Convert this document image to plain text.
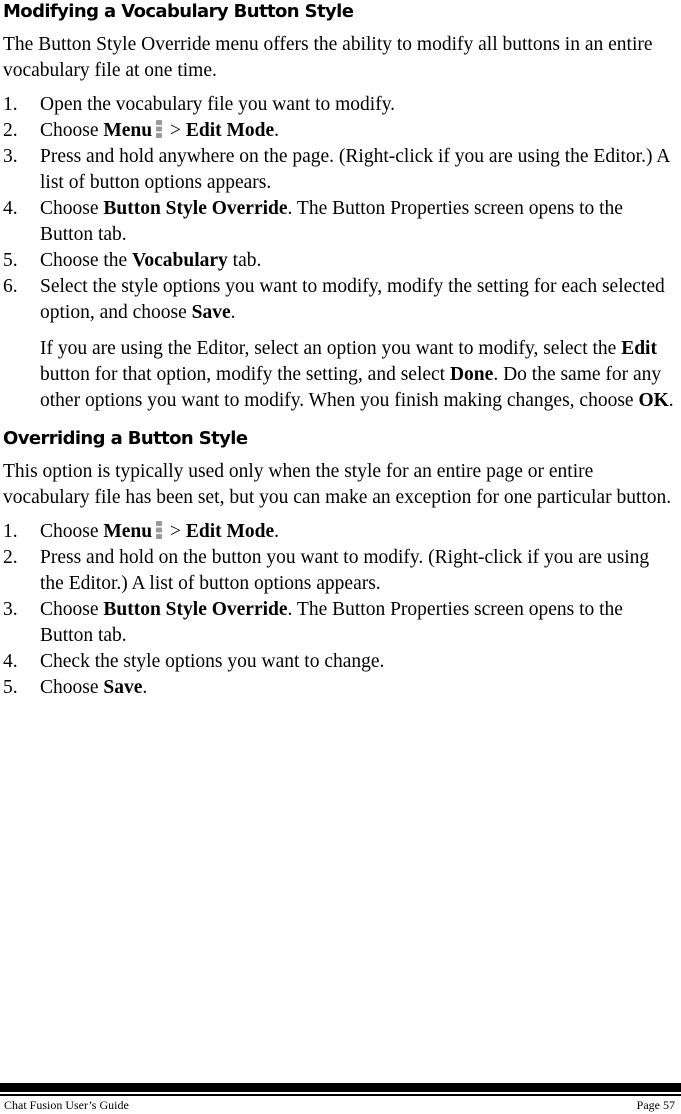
Modifying a Vocabulary Button Style

The Button Style Override menu offers the ability to modify all buttons in an entire vocabulary file at one time.

1.	Open the vocabulary file you want to modify.
2.	Choose Menu > Edit Mode.
3.	Press and hold anywhere on the page. (Right-click if you are using the Editor.) A list of button options appears.
4.	Choose Button Style Override. The Button Properties screen opens to the Button tab.
5.	Choose the Vocabulary tab.
6.	Select the style options you want to modify, modify the setting for each selected option, and choose Save.

If you are using the Editor, select an option you want to modify, select the Edit button for that option, modify the setting, and select Done. Do the same for any other options you want to modify. When you finish making changes, choose OK.

Overriding a Button Style

This option is typically used only when the style for an entire page or entire vocabulary file has been set, but you can make an exception for one particular button.

1.	Choose Menu > Edit Mode.
2.	Press and hold on the button you want to modify. (Right-click if you are using the Editor.) A list of button options appears.
3.	Choose Button Style Override. The Button Properties screen opens to the Button tab.
4.	Check the style options you want to change.
5.	Choose Save.
Chat Fusion User’s Guide	Page 57
